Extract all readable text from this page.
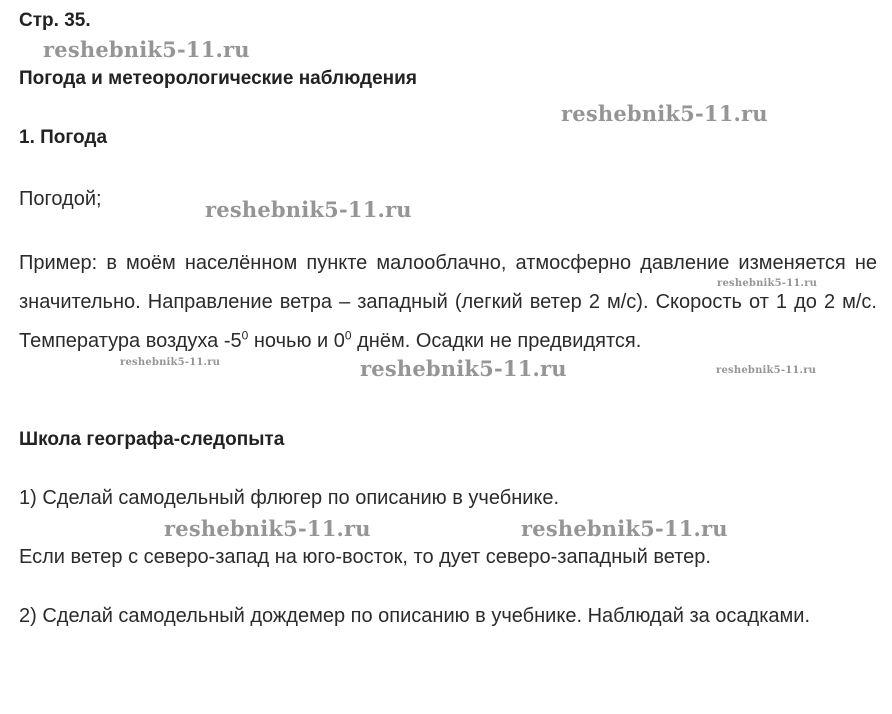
Стр. 35.
Погода и метеорологические наблюдения
1. Погода
Погодой;
Пример: в моём населённом пункте малооблачно, атмосферно давление изменяется не значительно. Направление ветра – западный (легкий ветер 2 м/с). Скорость от 1 до 2 м/с. Температура воздуха $-5^0$ ночью и $0^0$ днём. Осадки не предвидятся.
Школа географа-следопыта
1) Сделай самодельный флюгер по описанию в учебнике.
Если ветер с северо-запад на юго-восток, то дует северо-западный ветер.
2) Сделай самодельный дождемер по описанию в учебнике. Наблюдай за осадками.
reshebnik5-11.ru
reshebnik5-11.ru
reshebnik5-11.ru
reshebnik5-11.ru
reshebnik5-11.ru	reshebnik5-11.ru	reshebnik5-11.ru
reshebnik5-11.ru	reshebnik5-11.ru
